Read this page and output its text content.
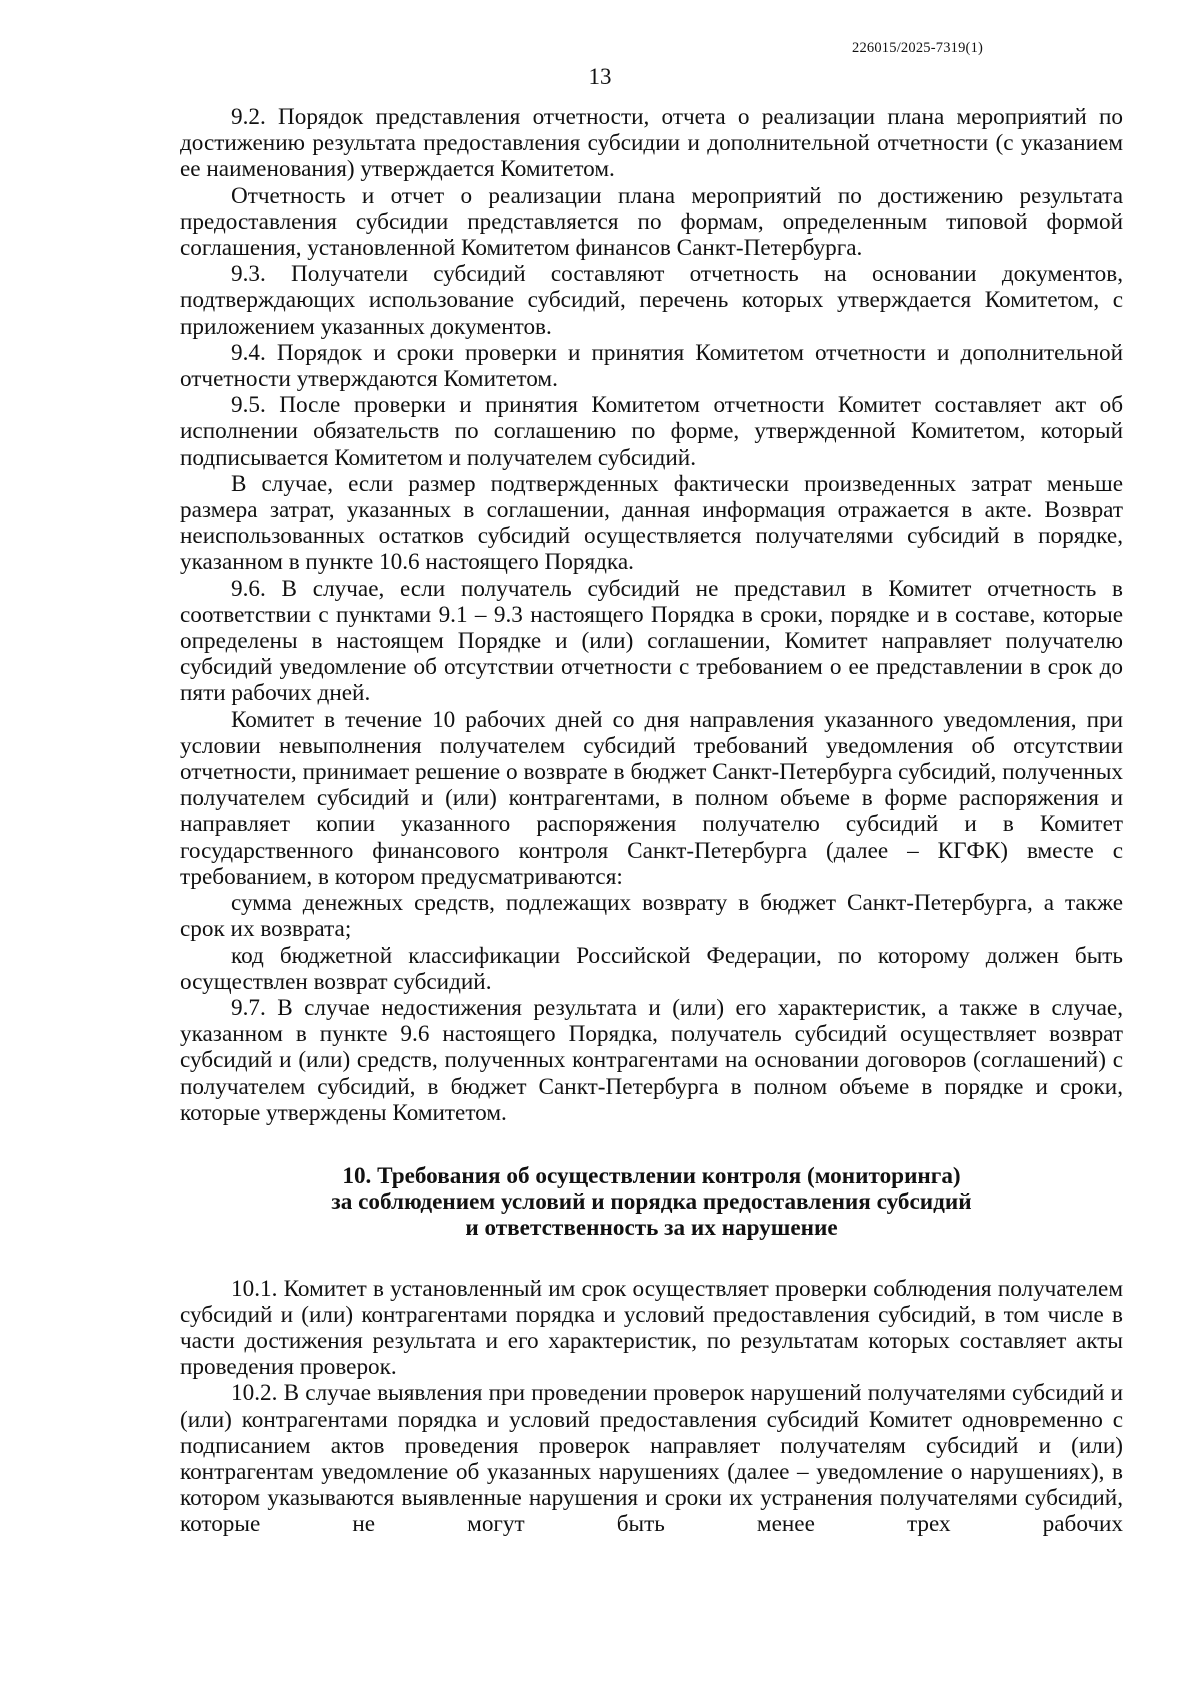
226015/2025-7319(1)
13

9.2. Порядок представления отчетности, отчета о реализации плана мероприятий по достижению результата предоставления субсидии и дополнительной отчетности (с указанием ее наименования) утверждается Комитетом.

Отчетность и отчет о реализации плана мероприятий по достижению результата предоставления субсидии представляется по формам, определенным типовой формой соглашения, установленной Комитетом финансов Санкт-Петербурга.

9.3. Получатели субсидий составляют отчетность на основании документов, подтверждающих использование субсидий, перечень которых утверждается Комитетом, с приложением указанных документов.

9.4. Порядок и сроки проверки и принятия Комитетом отчетности и дополнительной отчетности утверждаются Комитетом.

9.5. После проверки и принятия Комитетом отчетности Комитет составляет акт об исполнении обязательств по соглашению по форме, утвержденной Комитетом, который подписывается Комитетом и получателем субсидий.

В случае, если размер подтвержденных фактически произведенных затрат меньше размера затрат, указанных в соглашении, данная информация отражается в акте. Возврат неиспользованных остатков субсидий осуществляется получателями субсидий в порядке, указанном в пункте 10.6 настоящего Порядка.

9.6. В случае, если получатель субсидий не представил в Комитет отчетность в соответствии с пунктами 9.1 – 9.3 настоящего Порядка в сроки, порядке и в составе, которые определены в настоящем Порядке и (или) соглашении, Комитет направляет получателю субсидий уведомление об отсутствии отчетности с требованием о ее представлении в срок до пяти рабочих дней.

Комитет в течение 10 рабочих дней со дня направления указанного уведомления, при условии невыполнения получателем субсидий требований уведомления об отсутствии отчетности, принимает решение о возврате в бюджет Санкт-Петербурга субсидий, полученных получателем субсидий и (или) контрагентами, в полном объеме в форме распоряжения и направляет копии указанного распоряжения получателю субсидий и в Комитет государственного финансового контроля Санкт-Петербурга (далее – КГФК) вместе с требованием, в котором предусматриваются:

сумма денежных средств, подлежащих возврату в бюджет Санкт-Петербурга, а также срок их возврата;

код бюджетной классификации Российской Федерации, по которому должен быть осуществлен возврат субсидий.

9.7. В случае недостижения результата и (или) его характеристик, а также в случае, указанном в пункте 9.6 настоящего Порядка, получатель субсидий осуществляет возврат субсидий и (или) средств, полученных контрагентами на основании договоров (соглашений) с получателем субсидий, в бюджет Санкт-Петербурга в полном объеме в порядке и сроки, которые утверждены Комитетом.

10. Требования об осуществлении контроля (мониторинга)
за соблюдением условий и порядка предоставления субсидий
и ответственность за их нарушение

10.1. Комитет в установленный им срок осуществляет проверки соблюдения получателем субсидий и (или) контрагентами порядка и условий предоставления субсидий, в том числе в части достижения результата и его характеристик, по результатам которых составляет акты проведения проверок.

10.2. В случае выявления при проведении проверок нарушений получателями субсидий и (или) контрагентами порядка и условий предоставления субсидий Комитет одновременно с подписанием актов проведения проверок направляет получателям субсидий и (или) контрагентам уведомление об указанных нарушениях (далее – уведомление о нарушениях), в котором указываются выявленные нарушения и сроки их устранения получателями субсидий, которые не могут быть менее трех рабочих
